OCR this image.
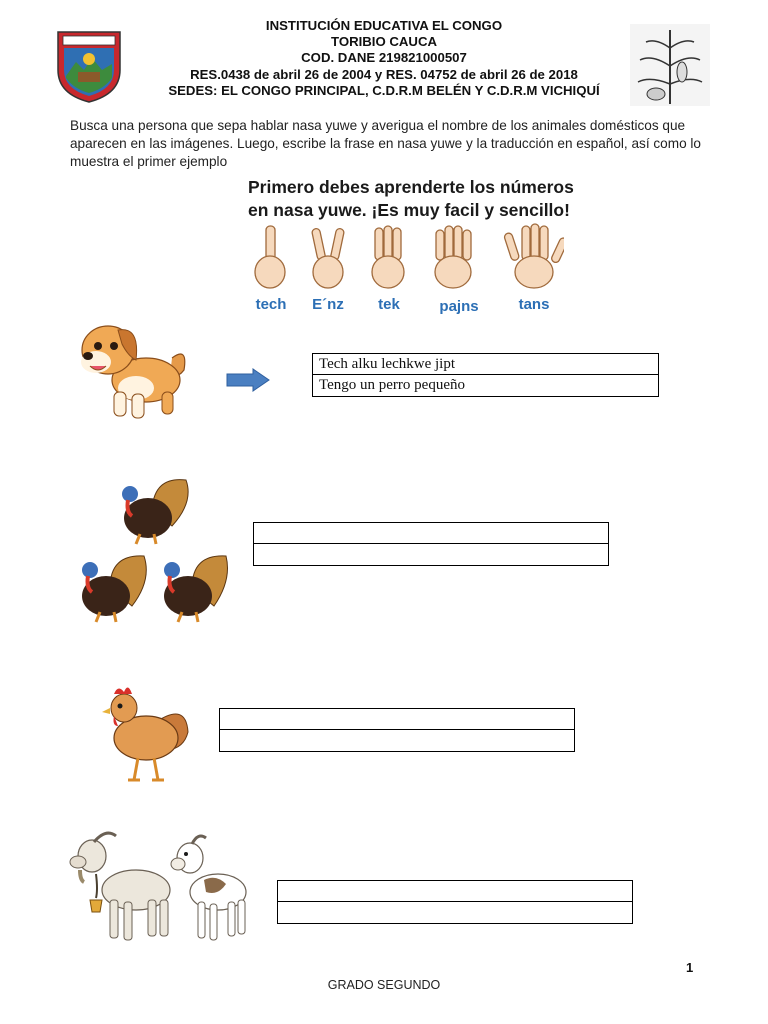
INSTITUCIÓN EDUCATIVA EL CONGO
TORIBIO CAUCA
COD. DANE 219821000507
RES.0438 de abril 26 de 2004 y RES. 04752 de abril 26 de 2018
SEDES: EL CONGO PRINCIPAL, C.D.R.M BELÉN Y C.D.R.M VICHIQUÍ
Busca una persona que sepa hablar nasa yuwe y averigua el nombre de los animales domésticos que aparecen en las imágenes. Luego, escribe la frase en nasa yuwe y la traducción en español, así como lo muestra el primer ejemplo
Primero debes aprenderte los números
en nasa yuwe. ¡Es muy facil y sencillo!
tech	E´nz	tek	pajns	tans
Tech alku lechkwe jipt
Tengo un perro pequeño
1
GRADO SEGUNDO
